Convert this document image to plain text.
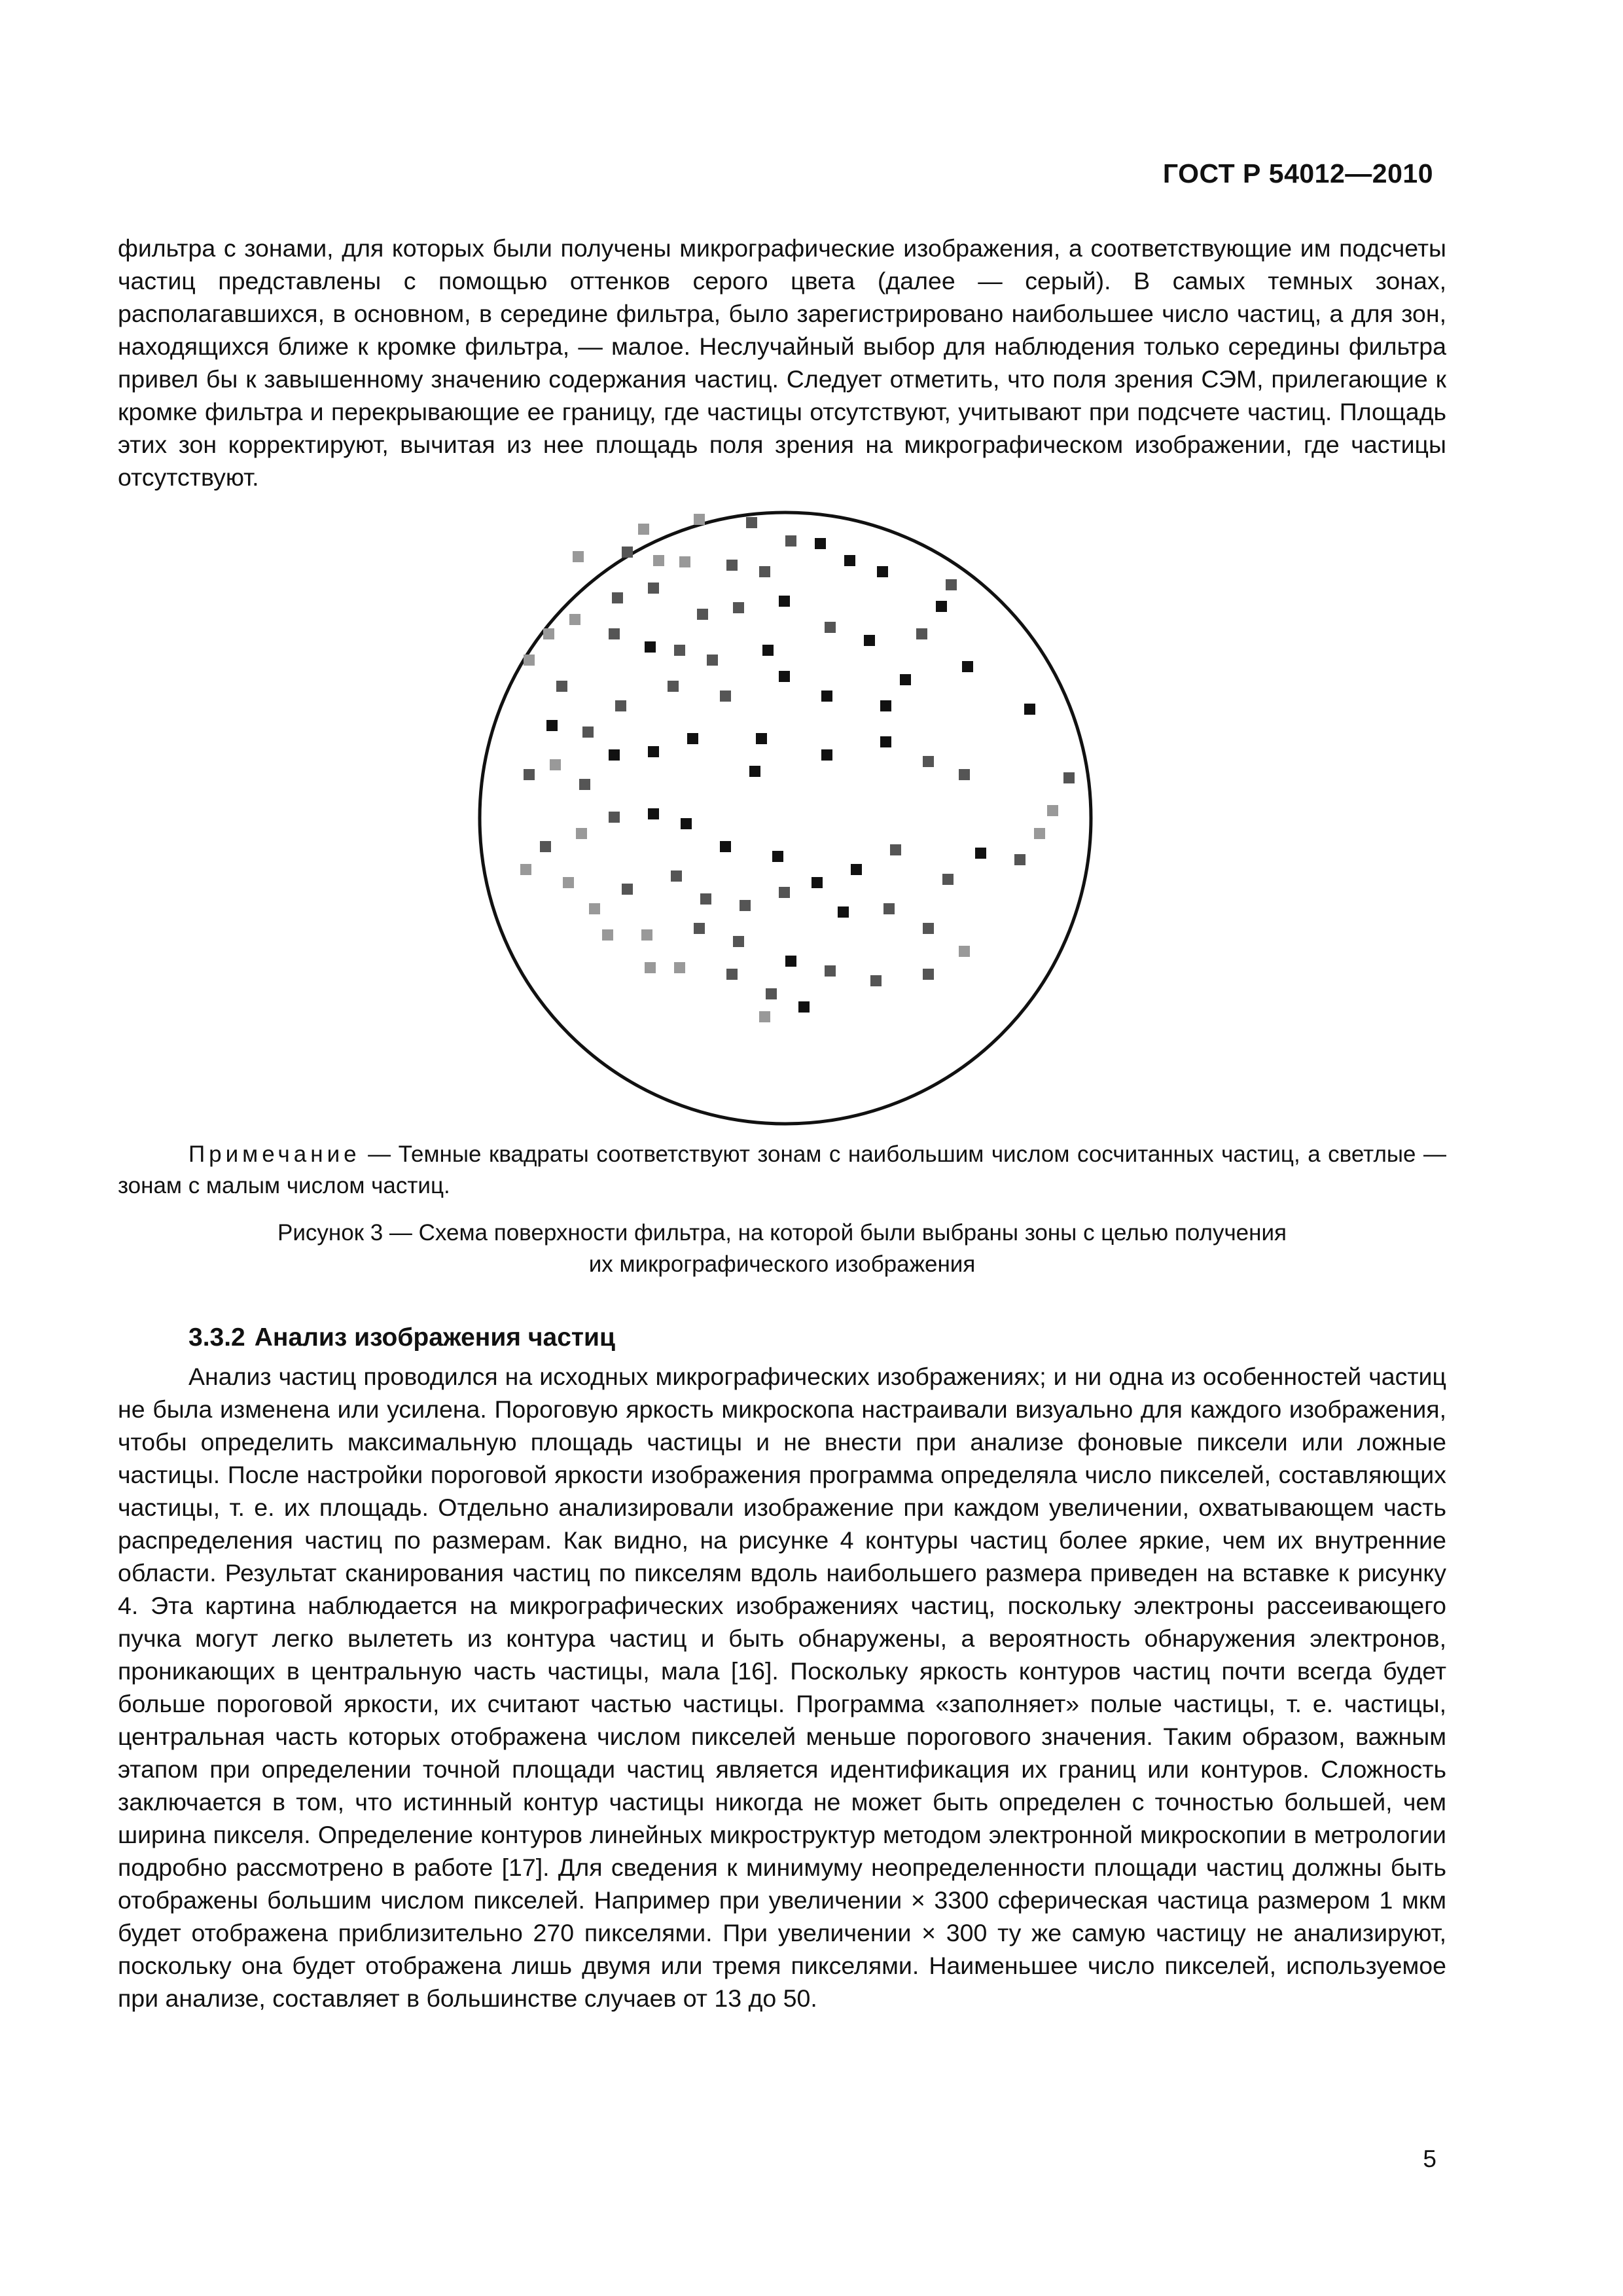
ГОСТ Р 54012—2010

фильтра с зонами, для которых были получены микрографические изображения, а соответствующие им подсчеты частиц представлены с помощью оттенков серого цвета (далее — серый). В самых темных зонах, располагавшихся, в основном, в середине фильтра, было зарегистрировано наибольшее число частиц, а для зон, находящихся ближе к кромке фильтра, — малое. Неслучайный выбор для наблюдения только середины фильтра привел бы к завышенному значению содержания частиц. Следует отметить, что поля зрения СЭМ, прилегающие к кромке фильтра и перекрывающие ее границу, где частицы отсутствуют, учитывают при подсчете частиц. Площадь этих зон корректируют, вычитая из нее площадь поля зрения на микрографическом изображении, где частицы отсутствуют.

Примечание — Темные квадраты соответствуют зонам с наибольшим числом сосчитанных частиц, а светлые — зонам с малым числом частиц.

Рисунок 3 — Схема поверхности фильтра, на которой были выбраны зоны с целью получения
их микрографического изображения

3.3.2 Анализ изображения частиц

Анализ частиц проводился на исходных микрографических изображениях; и ни одна из особенностей частиц не была изменена или усилена. Пороговую яркость микроскопа настраивали визуально для каждого изображения, чтобы определить максимальную площадь частицы и не внести при анализе фоновые пиксели или ложные частицы. После настройки пороговой яркости изображения программа определяла число пикселей, составляющих частицы, т. е. их площадь. Отдельно анализировали изображение при каждом увеличении, охватывающем часть распределения частиц по размерам. Как видно, на рисунке 4 контуры частиц более яркие, чем их внутренние области. Результат сканирования частиц по пикселям вдоль наибольшего размера приведен на вставке к рисунку 4. Эта картина наблюдается на микрографических изображениях частиц, поскольку электроны рассеивающего пучка могут легко вылететь из контура частиц и быть обнаружены, а вероятность обнаружения электронов, проникающих в центральную часть частицы, мала [16]. Поскольку яркость контуров частиц почти всегда будет больше пороговой яркости, их считают частью частицы. Программа «заполняет» полые частицы, т. е. частицы, центральная часть которых отображена числом пикселей меньше порогового значения. Таким образом, важным этапом при определении точной площади частиц является идентификация их границ или контуров. Сложность заключается в том, что истинный контур частицы никогда не может быть определен с точностью большей, чем ширина пикселя. Определение контуров линейных микроструктур методом электронной микроскопии в метрологии подробно рассмотрено в работе [17]. Для сведения к минимуму неопределенности площади частиц должны быть отображены большим числом пикселей. Например при увеличении × 3300 сферическая частица размером 1 мкм будет отображена приблизительно 270 пикселями. При увеличении × 300 ту же самую частицу не анализируют, поскольку она будет отображена лишь двумя или тремя пикселями. Наименьшее число пикселей, используемое при анализе, составляет в большинстве случаев от 13 до 50.

5
